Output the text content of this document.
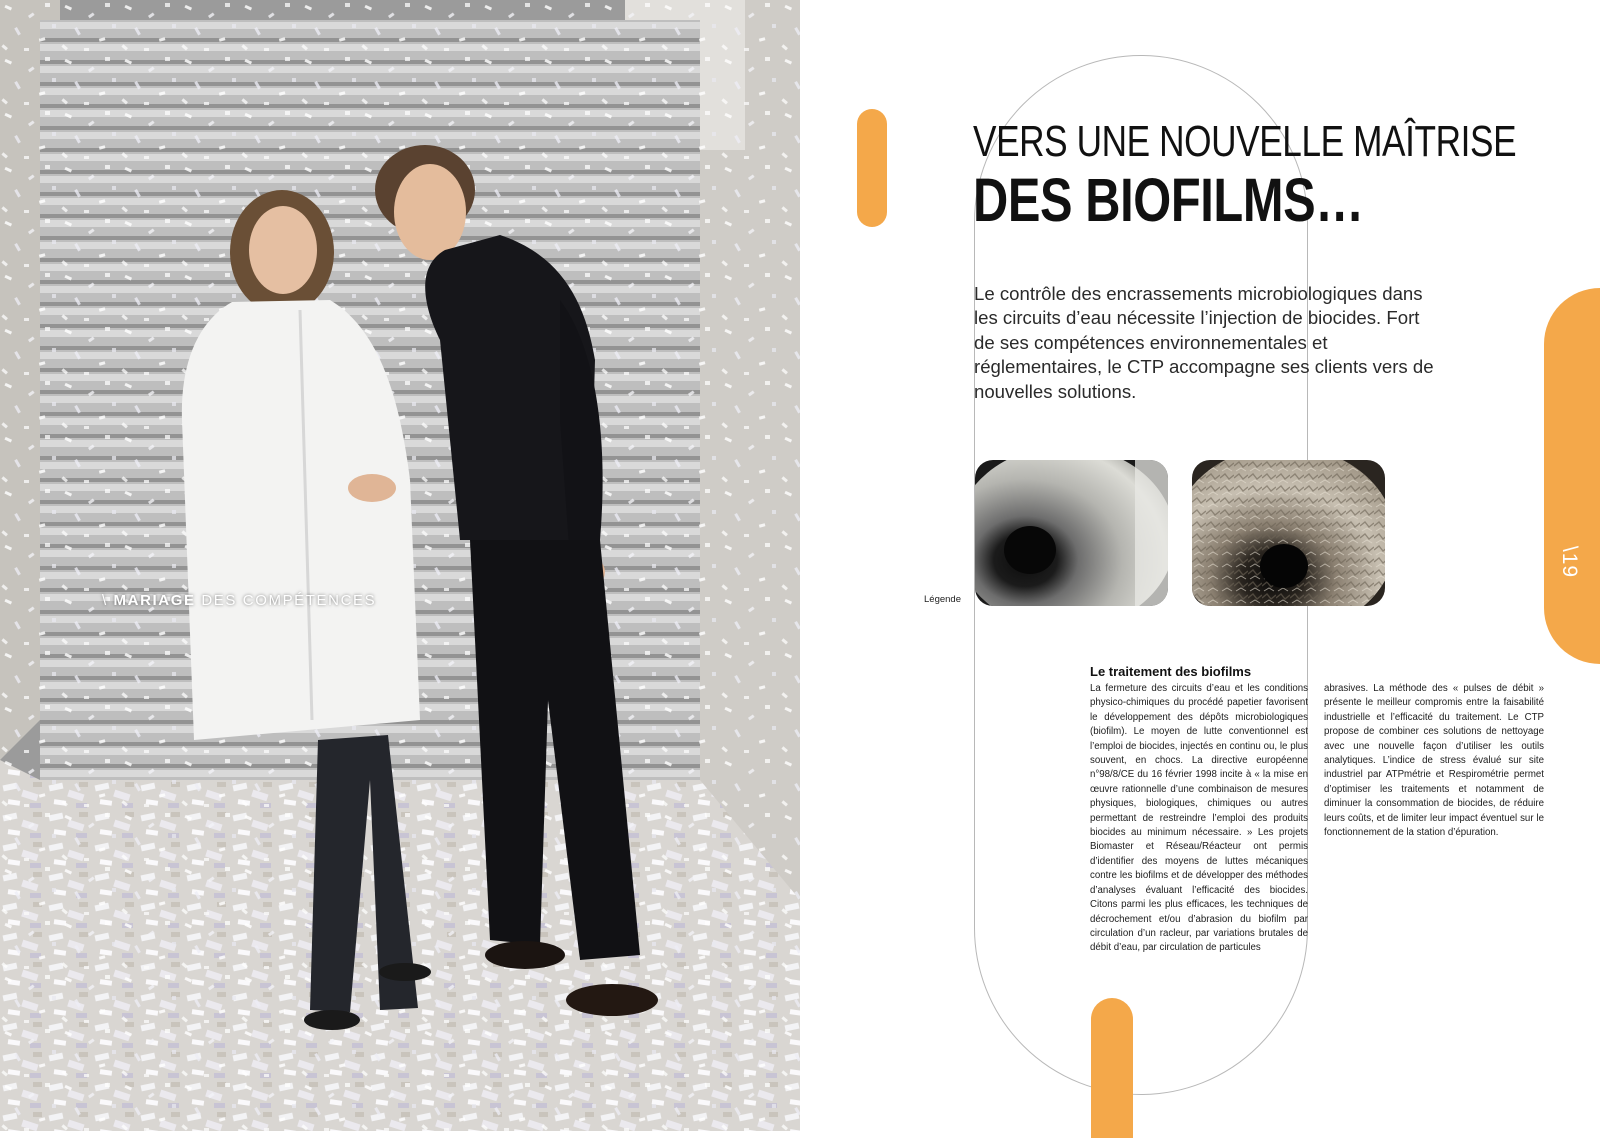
\ MARIAGE DES COMPÉTENCES
\19
VERS UNE NOUVELLE MAÎTRISE
DES BIOFILMS…

Le contrôle des encrassements microbiologiques dans les circuits d’eau nécessite l’injection de biocides. Fort de ses compétences environnementales et réglementaires, le CTP accompagne ses clients vers de nouvelles solutions.

Légende
Le traitement des biofilms

La fermeture des circuits d’eau et les conditions physico-chimiques du procédé papetier favorisent le développement des dépôts microbiologiques (biofilm). Le moyen de lutte conventionnel est l’emploi de biocides, injectés en continu ou, le plus souvent, en chocs. La directive européenne n°98/8/CE du 16 février 1998 incite à « la mise en œuvre rationnelle d’une combinaison de mesures physiques, biologiques, chimiques ou autres permettant de restreindre l’emploi des produits biocides au minimum nécessaire. » Les projets Biomaster et Réseau/Réacteur ont permis d’identifier des moyens de luttes mécaniques contre les biofilms et de développer des méthodes d’analyses évaluant l’efficacité des biocides. Citons parmi les plus efficaces, les techniques de décrochement et/ou d’abrasion du biofilm par circulation d’un racleur, par variations brutales de débit d’eau, par circulation de particules

abrasives. La méthode des « pulses de débit » présente le meilleur compromis entre la faisabilité industrielle et l’efficacité du traitement. Le CTP propose de combiner ces solutions de nettoyage avec une nouvelle façon d’utiliser les outils analytiques. L’indice de stress évalué sur site industriel par ATPmétrie et Respirométrie permet d’optimiser les traitements et notamment de diminuer la consommation de biocides, de réduire leurs coûts, et de limiter leur impact éventuel sur le fonctionnement de la station d’épuration.
